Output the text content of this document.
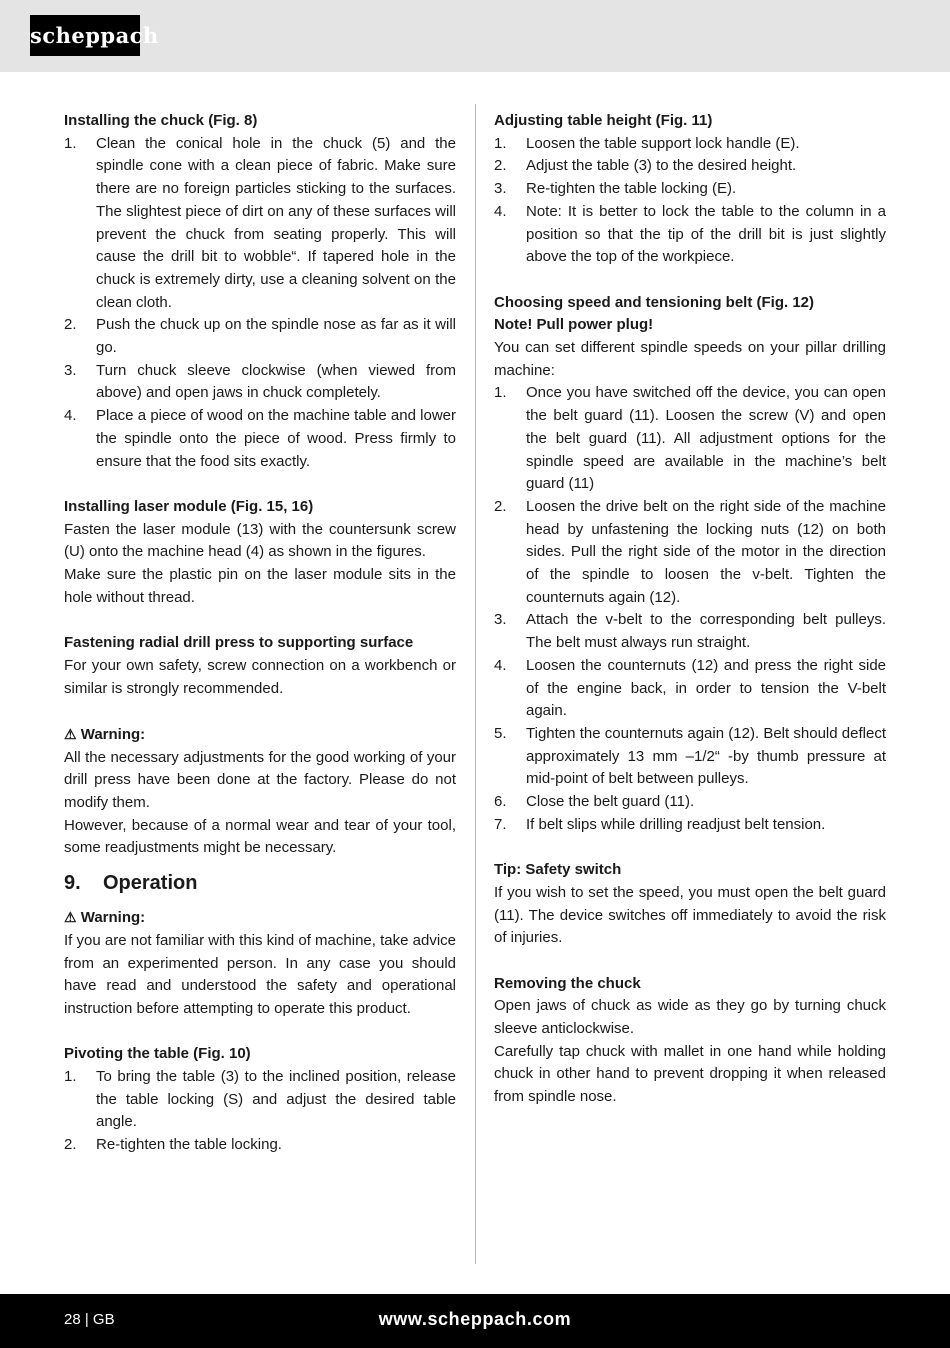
scheppach
Installing the chuck (Fig. 8)
1. Clean the conical hole in the chuck (5) and the spindle cone with a clean piece of fabric. Make sure there are no foreign particles sticking to the surfaces. The slightest piece of dirt on any of these surfaces will prevent the chuck from seating properly. This will cause the drill bit to wobble“. If tapered hole in the chuck is extremely dirty, use a cleaning solvent on the clean cloth.
2. Push the chuck up on the spindle nose as far as it will go.
3. Turn chuck sleeve clockwise (when viewed from above) and open jaws in chuck completely.
4. Place a piece of wood on the machine table and lower the spindle onto the piece of wood. Press firmly to ensure that the food sits exactly.
Installing laser module (Fig. 15, 16)

Fasten the laser module (13) with the countersunk screw (U) onto the machine head (4) as shown in the figures.

Make sure the plastic pin on the laser module sits in the hole without thread.

Fastening radial drill press to supporting surface

For your own safety, screw connection on a workbench or similar is strongly recommended.

⚠ Warning:

All the necessary adjustments for the good working of your drill press have been done at the factory. Please do not modify them.

However, because of a normal wear and tear of your tool, some readjustments might be necessary.

9. Operation
⚠ Warning:

If you are not familiar with this kind of machine, take advice from an experimented person. In any case you should have read and understood the safety and operational instruction before attempting to operate this product.

Pivoting the table (Fig. 10)
1. To bring the table (3) to the inclined position, release the table locking (S) and adjust the desired table angle.
2. Re-tighten the table locking.
Adjusting table height (Fig. 11)
1. Loosen the table support lock handle (E).
2. Adjust the table (3) to the desired height.
3. Re-tighten the table locking (E).
4. Note: It is better to lock the table to the column in a position so that the tip of the drill bit is just slightly above the top of the workpiece.
Choosing speed and tensioning belt (Fig. 12)
Note! Pull power plug!

You can set different spindle speeds on your pillar drilling machine:

1. Once you have switched off the device, you can open the belt guard (11). Loosen the screw (V) and open the belt guard (11). All adjustment options for the spindle speed are available in the machine’s belt guard (11)
2. Loosen the drive belt on the right side of the machine head by unfastening the locking nuts (12) on both sides. Pull the right side of the motor in the direction of the spindle to loosen the v-belt. Tighten the counternuts again (12).
3. Attach the v-belt to the corresponding belt pulleys. The belt must always run straight.
4. Loosen the counternuts (12) and press the right side of the engine back, in order to tension the V-belt again.
5. Tighten the counternuts again (12). Belt should deflect approximately 13 mm –1/2“ -by thumb pressure at mid-point of belt between pulleys.
6. Close the belt guard (11).
7. If belt slips while drilling readjust belt tension.
Tip: Safety switch

If you wish to set the speed, you must open the belt guard (11). The device switches off immediately to avoid the risk of injuries.

Removing the chuck

Open jaws of chuck as wide as they go by turning chuck sleeve anticlockwise.

Carefully tap chuck with mallet in one hand while holding chuck in other hand to prevent dropping it when released from spindle nose.

28 | GB	www.scheppach.com
